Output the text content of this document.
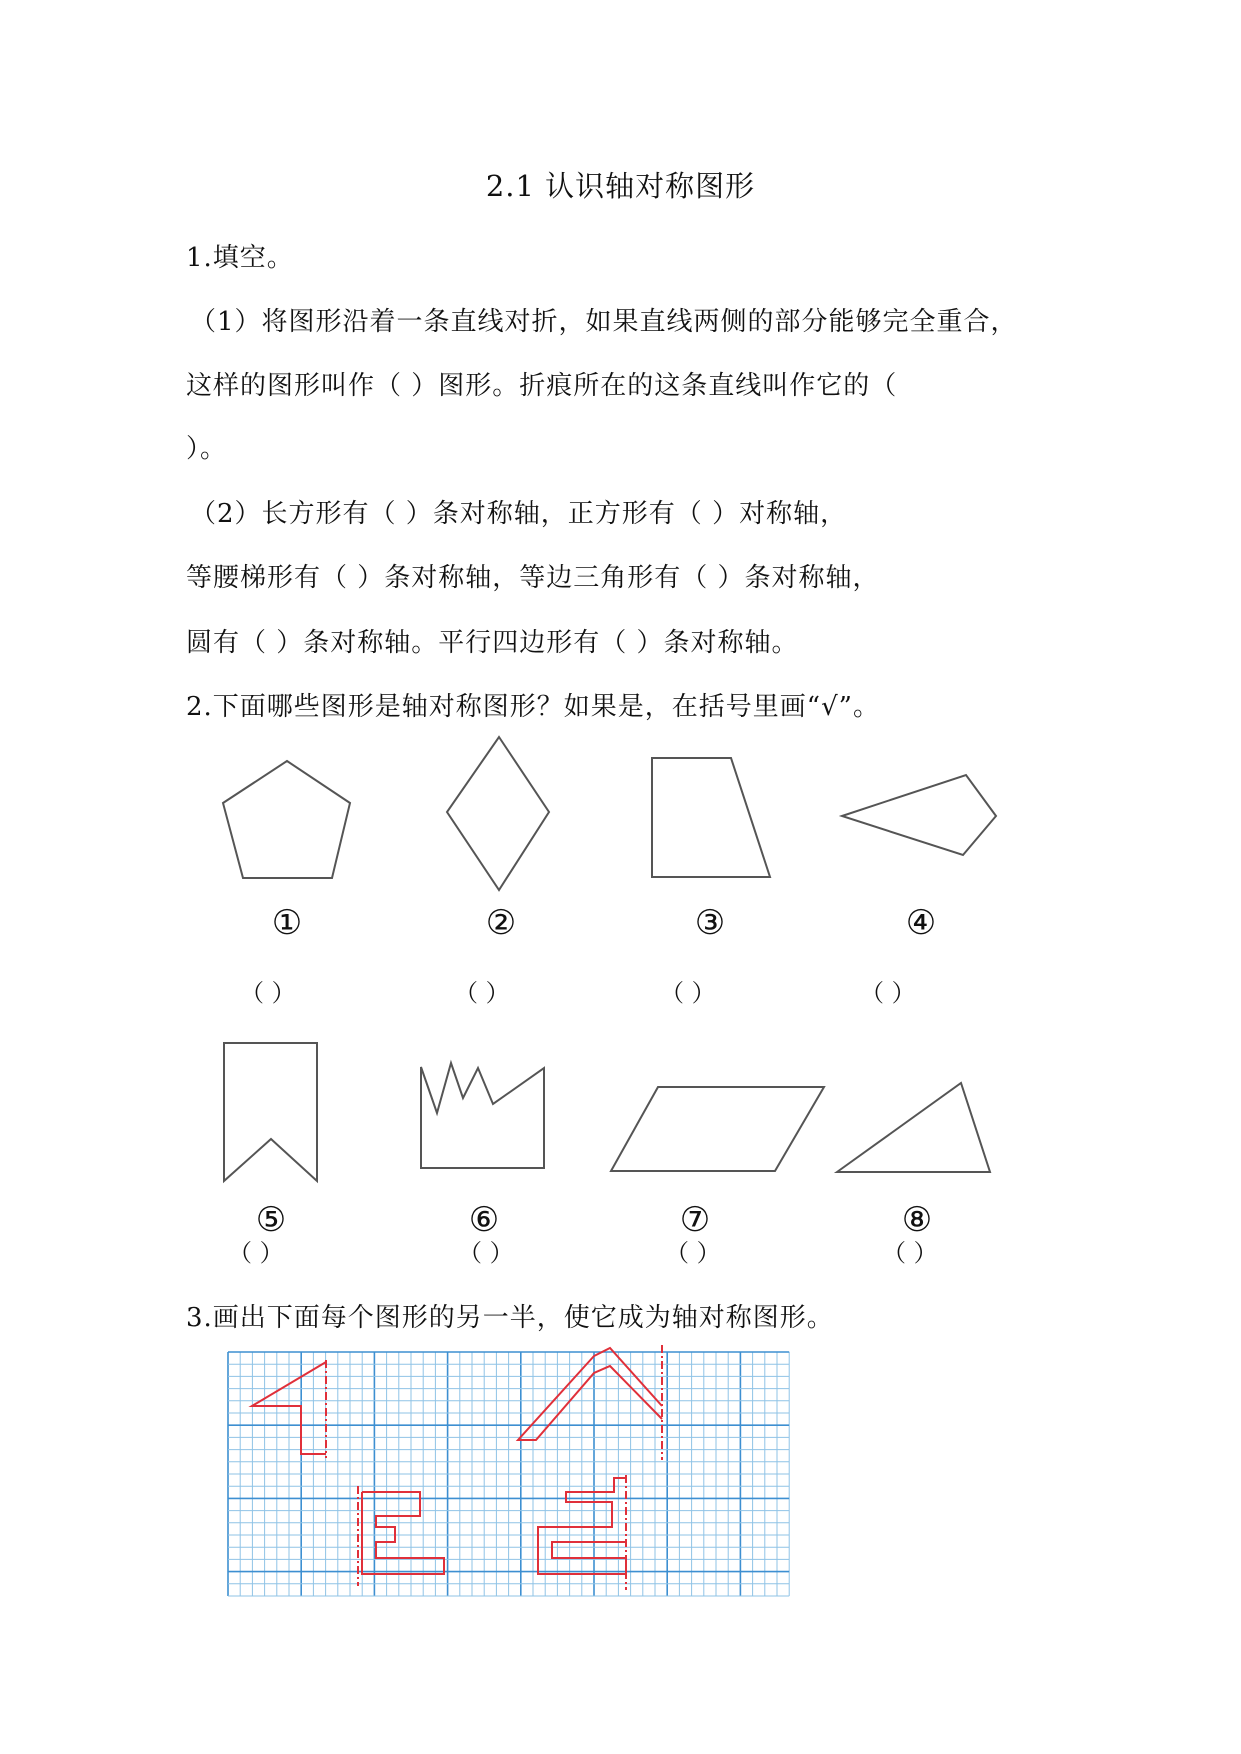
2.1 认识轴对称图形
1.填空。
（1）将图形沿着一条直线对折，如果直线两侧的部分能够完全重合，
这样的图形叫作（ ）图形。折痕所在的这条直线叫作它的（
）。
（2）长方形有（ ）条对称轴，正方形有（ ）对称轴，
等腰梯形有（ ）条对称轴，等边三角形有（ ）条对称轴，
圆有（ ）条对称轴。平行四边形有（ ）条对称轴。
2.下面哪些图形是轴对称图形？如果是，在括号里画“√”。
①	②	③	④
（ ）	（ ）	（ ）	（ ）
⑤	⑥	⑦	⑧
（ ）	（ ）	（ ）	（ ）
3.画出下面每个图形的另一半，使它成为轴对称图形。
